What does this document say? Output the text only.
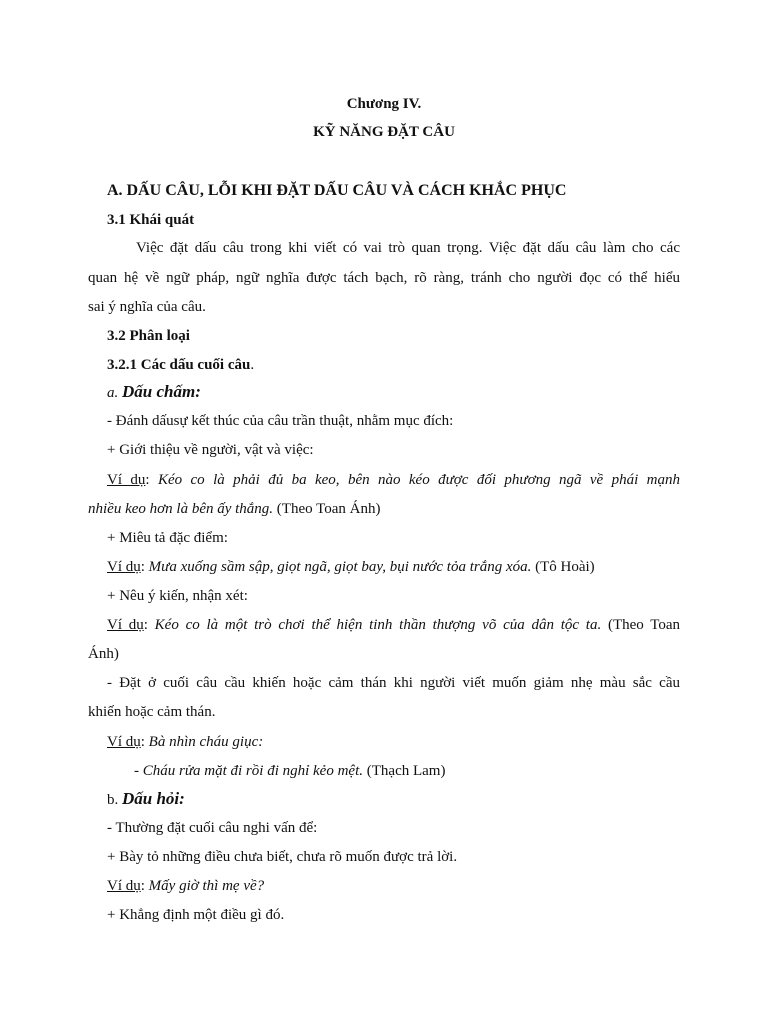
Chương IV.
KỸ NĂNG ĐẶT CÂU
A. DẤU CÂU, LỖI KHI ĐẶT DẤU CÂU VÀ CÁCH KHẮC PHỤC
3.1 Khái quát
Việc đặt dấu câu trong khi viết có vai trò quan trọng. Việc đặt dấu câu làm cho các
quan hệ về ngữ pháp, ngữ nghĩa được tách bạch, rõ ràng, tránh cho người đọc có thể hiểu
sai ý nghĩa của câu.
3.2 Phân loại
3.2.1 Các dấu cuối câu.
a. Dấu chấm:
- Đánh dấusự kết thúc của câu trần thuật, nhằm mục đích:
+ Giới thiệu về người, vật và việc:
Ví dụ: Kéo co là phải đủ ba keo, bên nào kéo được đối phương ngã về phái mạnh
nhiều keo hơn là bên ấy thắng. (Theo Toan Ánh)
+ Miêu tả đặc điểm:
Ví dụ: Mưa xuống sầm sập, giọt ngã, giọt bay, bụi nước tỏa trắng xóa. (Tô Hoài)
+ Nêu ý kiến, nhận xét:
Ví dụ: Kéo co là một trò chơi thể hiện tinh thần thượng võ của dân tộc ta. (Theo Toan
Ánh)
- Đặt ở cuối câu cầu khiến hoặc cảm thán khi người viết muốn giảm nhẹ màu sắc cầu
khiến hoặc cảm thán.
Ví dụ: Bà nhìn cháu giục:
- Cháu rửa mặt đi rồi đi nghỉ kẻo mệt. (Thạch Lam)
b. Dấu hỏi:
- Thường đặt cuối câu nghi vấn để:
+ Bày tỏ những điều chưa biết, chưa rõ muốn được trả lời.
Ví dụ: Mấy giờ thì mẹ về?
+ Khẳng định một điều gì đó.
